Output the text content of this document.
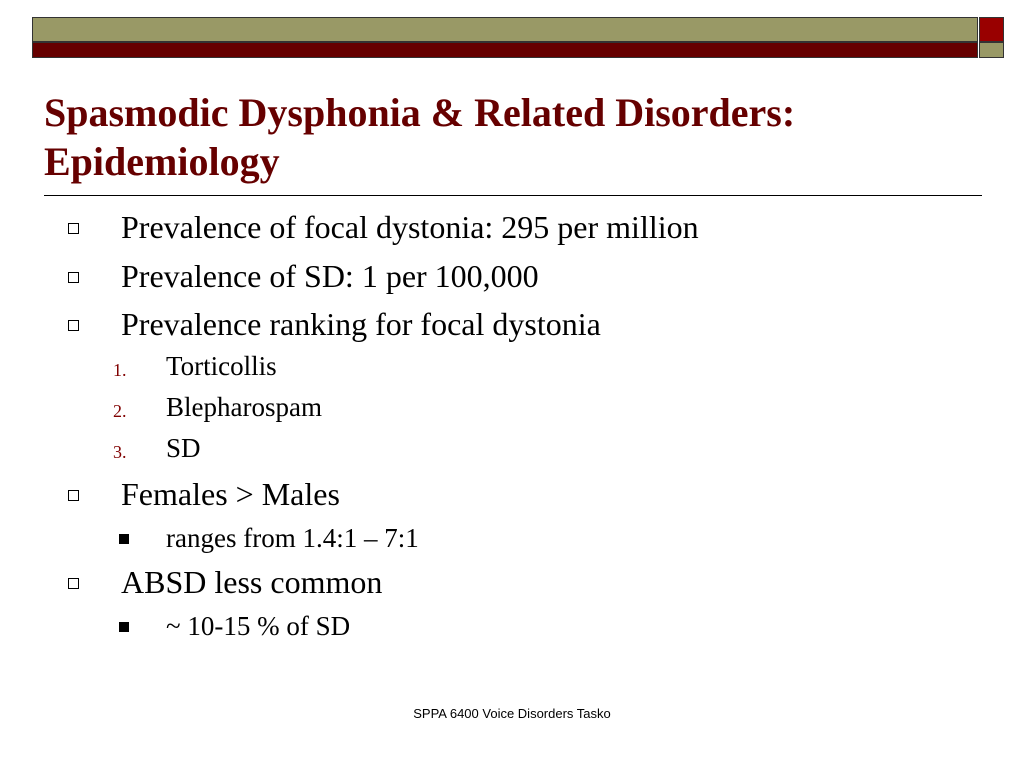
Spasmodic Dysphonia & Related Disorders:
Epidemiology
Prevalence of focal dystonia: 295 per million
Prevalence of SD: 1 per 100,000
Prevalence ranking for focal dystonia
1. Torticollis
2. Blepharospam
3. SD
Females > Males
ranges from 1.4:1 – 7:1
ABSD less common
~ 10-15 % of SD
SPPA 6400 Voice Disorders Tasko
